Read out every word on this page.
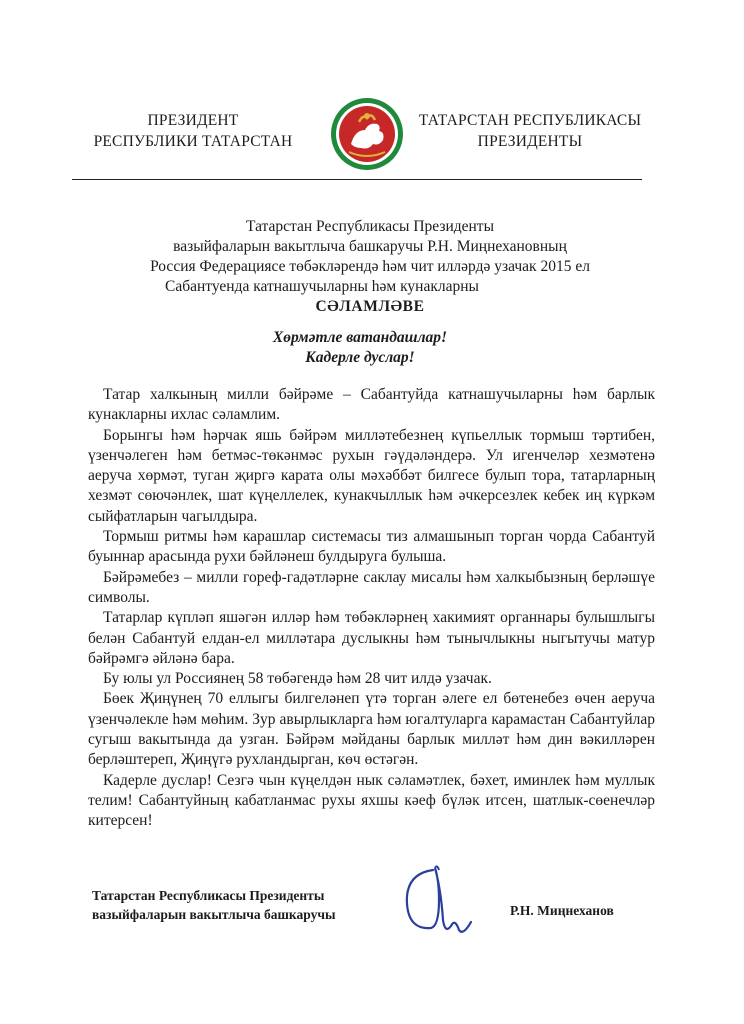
ПРЕЗИДЕНТ
РЕСПУБЛИКИ ТАТАРСТАН
ТАТАРСТАН РЕСПУБЛИКАСЫ
ПРЕЗИДЕНТЫ
Татарстан Республикасы Президенты
вазыйфаларын вакытлыча башкаручы Р.Н. Миңнехановның
Россия Федерациясе төбәкләрендә һәм чит илләрдә узачак 2015 ел
Сабантуенда катнашучыларны һәм кунакларны
СӘЛАМЛӘВЕ
Хөрмәтле ватандашлар!
Кадерле дуслар!

Татар халкының милли бәйрәме – Сабантуйда катнашучыларны һәм барлык кунакларны ихлас сәламлим.

Борынгы һәм һәрчак яшь бәйрәм милләтебезнең күпьеллык тормыш тәртибен, үзенчәлеген һәм бетмәс-төкәнмәс рухын гәүдәләндерә. Ул игенчеләр хезмәтенә аеруча хөрмәт, туган җиргә карата олы мәхәббәт билгесе булып тора, татарларның хезмәт сөючәнлек, шат күңеллелек, кунакчыллык һәм әчкерсезлек кебек иң күркәм сыйфатларын чагылдыра.

Тормыш ритмы һәм карашлар системасы тиз алмашынып торган чорда Сабантуй буыннар арасында рухи бәйләнеш булдыруга булыша.

Бәйрәмебез – милли гореф-гадәтләрне саклау мисалы һәм халкыбызның берләшүе символы.

Татарлар күпләп яшәгән илләр һәм төбәкләрнең хакимият органнары булышлыгы белән Сабантуй елдан-ел милләтара дуслыкны һәм тынычлыкны ныгытучы матур бәйрәмгә әйләнә бара.

Бу юлы ул Россиянең 58 төбәгендә һәм 28 чит илдә узачак.

Бөек Җиңүнең 70 еллыгы билгеләнеп үтә торган әлеге ел бөтенебез өчен аеруча үзенчәлекле һәм мөһим. Зур авырлыкларга һәм югалтуларга карамастан Сабантуйлар сугыш вакытында да узган. Бәйрәм мәйданы барлык милләт һәм дин вәкилләрен берләштереп, Җиңүгә рухландырган, көч өстәгән.

Кадерле дуслар! Сезгә чын күңелдән нык сәламәтлек, бәхет, иминлек һәм муллык телим! Сабантуйның кабатланмас рухы яхшы кәеф бүләк итсен, шатлык-сөенечләр китерсен!

Татарстан Республикасы Президенты
вазыйфаларын вакытлыча башкаручы	Р.Н. Миңнеханов
